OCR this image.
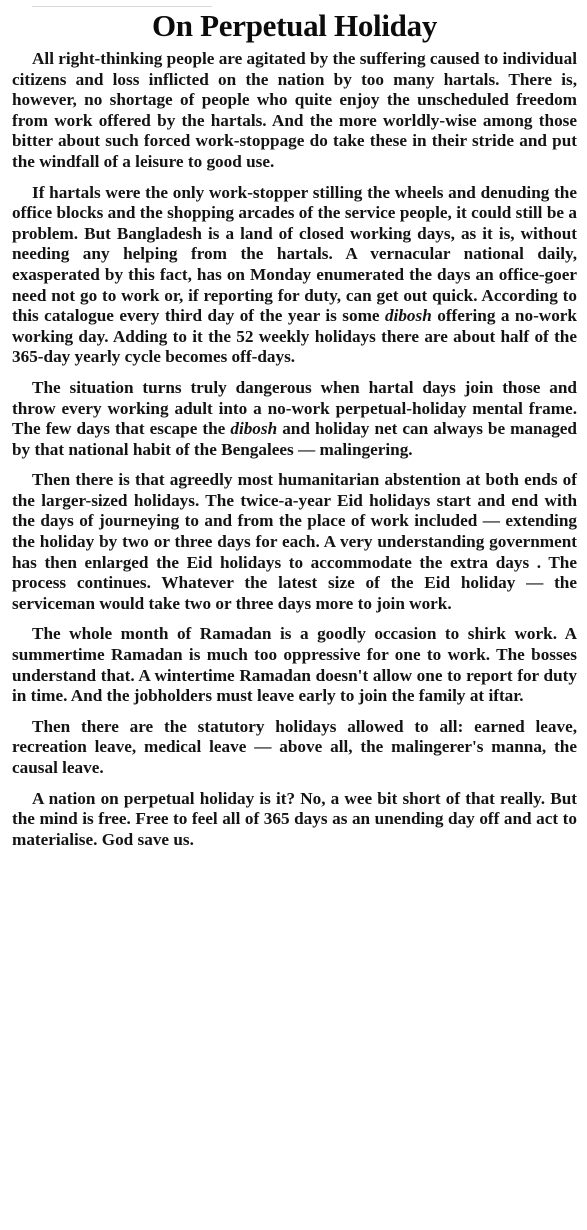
On Perpetual Holiday

All right-thinking people are agitated by the suffering caused to individual citizens and loss inflicted on the nation by too many hartals. There is, however, no shortage of people who quite enjoy the unscheduled freedom from work offered by the hartals. And the more worldly-wise among those bitter about such forced work-stoppage do take these in their stride and put the windfall of a leisure to good use.

If hartals were the only work-stopper stilling the wheels and denuding the office blocks and the shopping arcades of the service people, it could still be a problem. But Bangladesh is a land of closed working days, as it is, without needing any helping from the hartals. A vernacular national daily, exasperated by this fact, has on Monday enumerated the days an office-goer need not go to work or, if reporting for duty, can get out quick. According to this catalogue every third day of the year is some dibosh offering a no-work working day. Adding to it the 52 weekly holidays there are about half of the 365-day yearly cycle becomes off-days.

The situation turns truly dangerous when hartal days join those and throw every working adult into a no-work perpetual-holiday mental frame. The few days that escape the dibosh and holiday net can always be managed by that national habit of the Bengalees — malingering.

Then there is that agreedly most humanitarian abstention at both ends of the larger-sized holidays. The twice-a-year Eid holidays start and end with the days of journeying to and from the place of work included — extending the holiday by two or three days for each. A very understanding government has then enlarged the Eid holidays to accommodate the extra days . The process continues. Whatever the latest size of the Eid holiday — the serviceman would take two or three days more to join work.

The whole month of Ramadan is a goodly occasion to shirk work. A summertime Ramadan is much too oppressive for one to work. The bosses understand that. A wintertime Ramadan doesn't allow one to report for duty in time. And the jobholders must leave early to join the family at iftar.

Then there are the statutory holidays allowed to all: earned leave, recreation leave, medical leave — above all, the malingerer's manna, the causal leave.

A nation on perpetual holiday is it? No, a wee bit short of that really. But the mind is free. Free to feel all of 365 days as an unending day off and act to materialise. God save us.
